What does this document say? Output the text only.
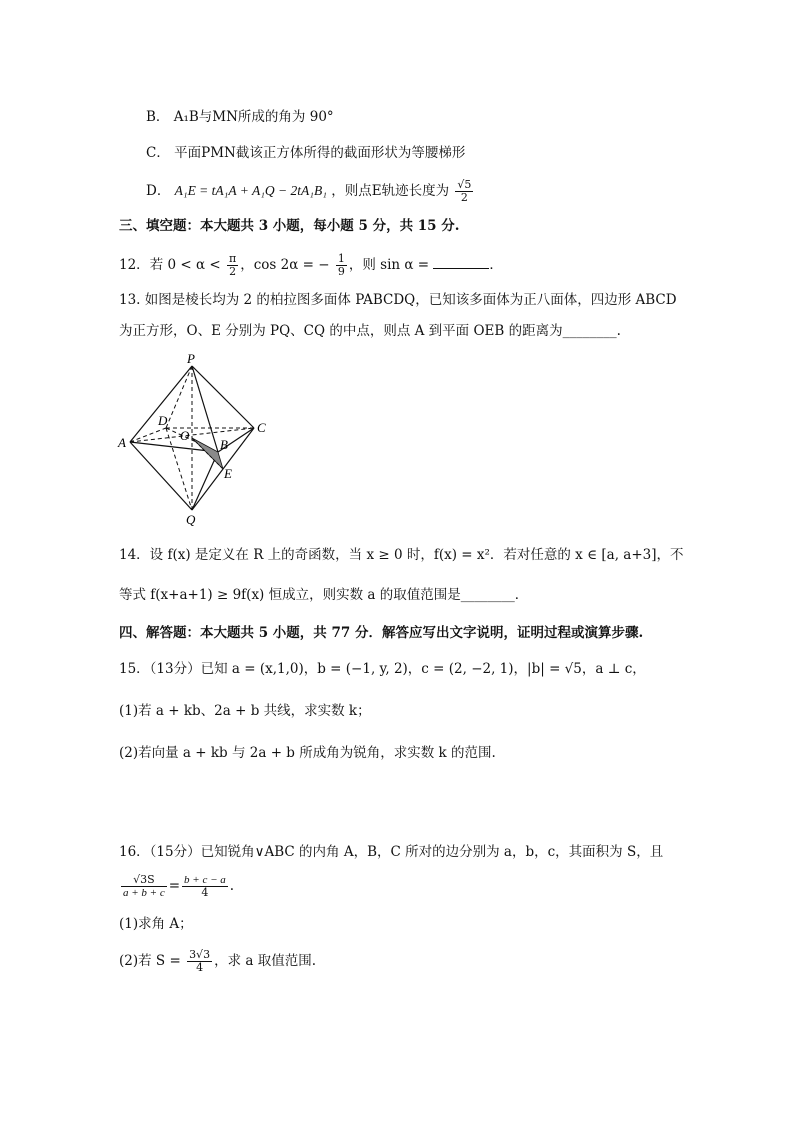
B． A₁B与MN所成的角为 90°
C． 平面PMN截该正方体所得的截面形状为等腰梯形
D． A₁E = tA₁A + A₁Q − 2tA₁B₁ ，则点E轨迹长度为 $\frac{√5}{2}$
三、填空题：本大题共 3 小题，每小题 5 分，共 15 分.
12．若 $0 < \alpha < \frac{\pi}{2}$ ，cos 2α = − $\frac{1}{9}$ ，则 sin α =	．
13. 如图是棱长均为 2 的柏拉图多面体 PABCDQ，已知该多面体为正八面体，四边形 ABCD
为正方形，O、E 分别为 PQ、CQ 的中点，则点 A 到平面 OEB 的距离为________.
P
A	B
C
D
O
E
Q
14．设 f(x) 是定义在 R 上的奇函数，当 x ≥ 0 时，f(x) = x²．若对任意的 x ∈ [a, a+3]，不
等式 f(x+a+1) ≥ 9f(x) 恒成立，则实数 a 的取值范围是________．
四、解答题：本大题共 5 小题，共 77 分．解答应写出文字说明，证明过程或演算步骤.
15．（13分）已知 a = (x,1,0)，b = (−1, y, 2)，c = (2, −2, 1)，|b| = √5，a ⊥ c，
(1)若 a + kb、2a + b 共线，求实数 k；
(2)若向量 a + kb 与 2a + b 所成角为锐角，求实数 k 的范围.
16．（15分）已知锐角∨ABC 的内角 A，B，C 所对的边分别为 a，b，c，其面积为 S，且
$\frac{√3S}{a + b + c} = \frac{b + c - a}{4}$ .
(1)求角 A；
(2)若 $S = \frac{3√3}{4}$ ，求 a 取值范围.
